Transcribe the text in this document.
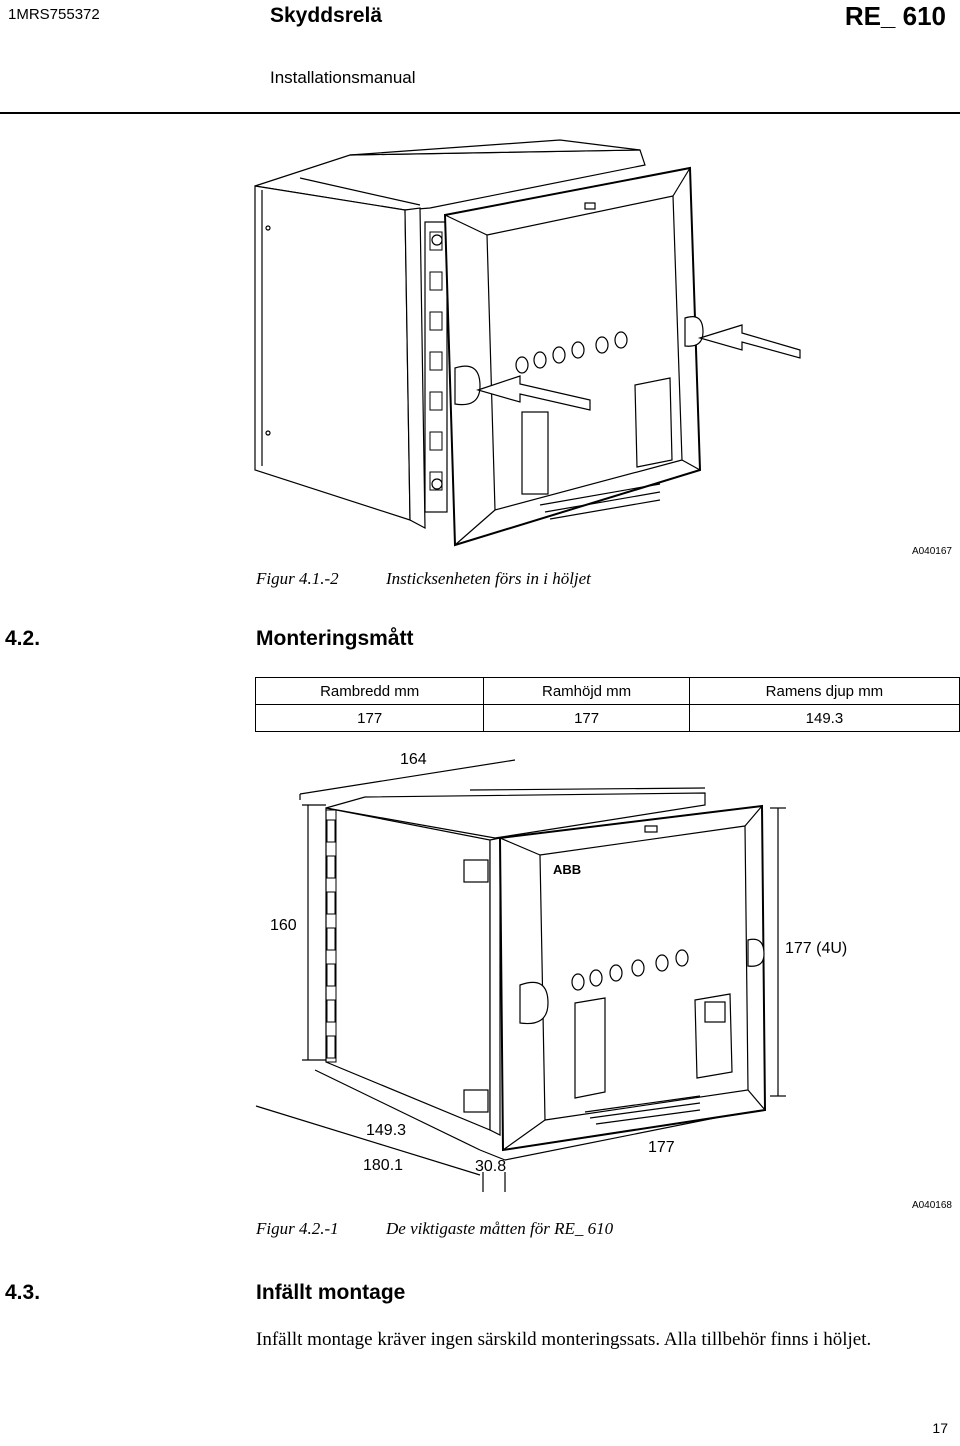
1MRS755372	Skyddsrelä	RE_ 610
Installationsmanual
A040167
Figur 4.1.-2	Insticksenheten förs in i höljet
4.2.	Monteringsmått
Rambredd mm	Ramhöjd mm	Ramens djup mm
177	177	149.3
ABB
164
160
177 (4U)
149.3
180.1	30.8
177
A040168
Figur 4.2.-1	De viktigaste måtten för RE_ 610
4.3.	Infällt montage
Infällt montage kräver ingen särskild monteringssats. Alla tillbehör finns i höljet.
17
